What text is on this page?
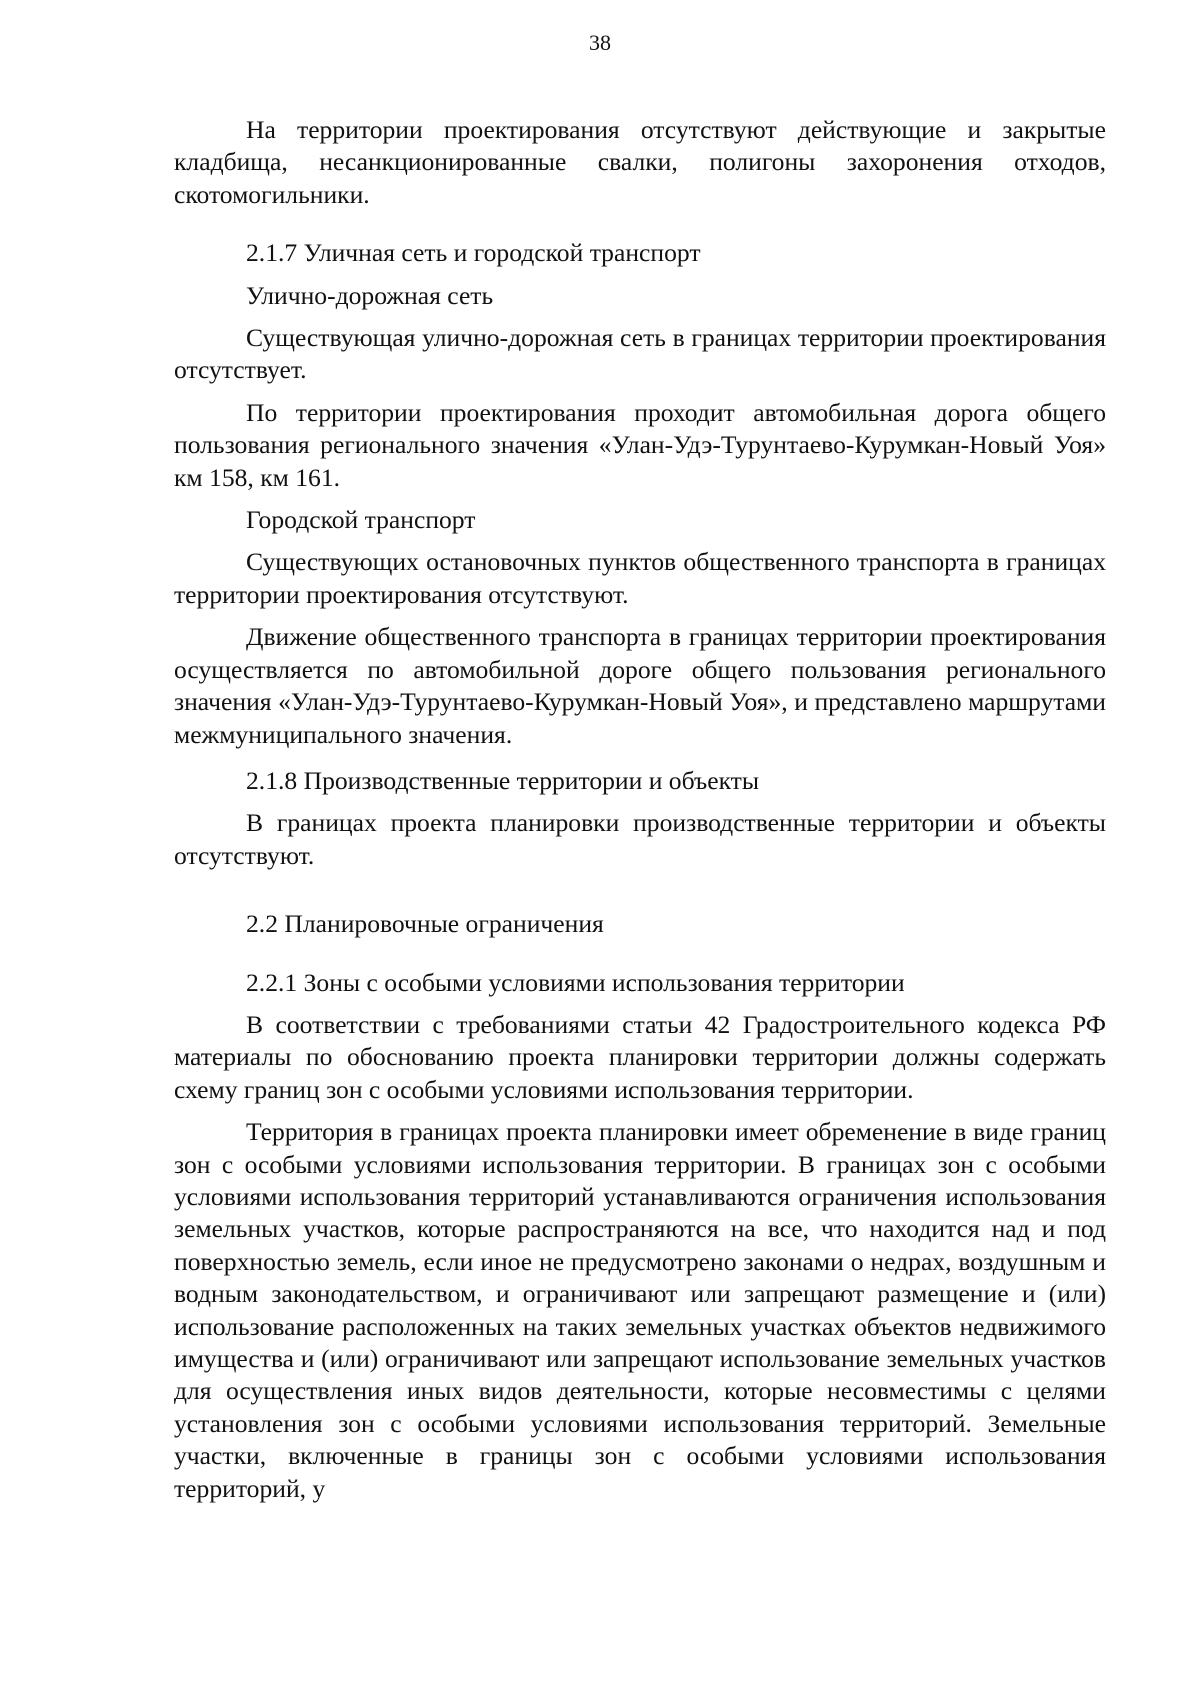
38

На территории проектирования отсутствуют действующие и закрытые кладбища, несанкционированные свалки, полигоны захоронения отходов, скотомогильники.

2.1.7 Уличная сеть и городской транспорт

Улично-дорожная сеть

Существующая улично-дорожная сеть в границах территории проектирования отсутствует.

По территории проектирования проходит автомобильная дорога общего пользования регионального значения «Улан-Удэ-Турунтаево-Курумкан-Новый Уоя» км 158, км 161.

Городской транспорт

Существующих остановочных пунктов общественного транспорта в границах территории проектирования отсутствуют.

Движение общественного транспорта в границах территории проектирования осуществляется по автомобильной дороге общего пользования регионального значения «Улан-Удэ-Турунтаево-Курумкан-Новый Уоя», и представлено маршрутами межмуниципального значения.

2.1.8 Производственные территории и объекты

В границах проекта планировки производственные территории и объекты отсутствуют.

2.2 Планировочные ограничения

2.2.1 Зоны с особыми условиями использования территории

В соответствии с требованиями статьи 42 Градостроительного кодекса РФ материалы по обоснованию проекта планировки территории должны содержать схему границ зон с особыми условиями использования территории.

Территория в границах проекта планировки имеет обременение в виде границ зон с особыми условиями использования территории. В границах зон с особыми условиями использования территорий устанавливаются ограничения использования земельных участков, которые распространяются на все, что находится над и под поверхностью земель, если иное не предусмотрено законами о недрах, воздушным и водным законодательством, и ограничивают или запрещают размещение и (или) использование расположенных на таких земельных участках объектов недвижимого имущества и (или) ограничивают или запрещают использование земельных участков для осуществления иных видов деятельности, которые несовместимы с целями установления зон с особыми условиями использования территорий. Земельные участки, включенные в границы зон с особыми условиями использования территорий, у
